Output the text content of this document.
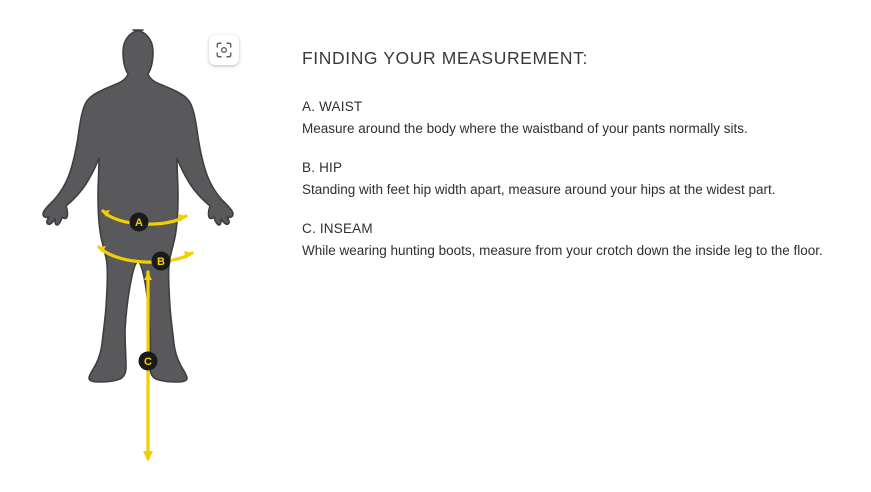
A
B
C
FINDING YOUR MEASUREMENT:

A. WAIST

Measure around the body where the waistband of your pants normally sits.

B. HIP

Standing with feet hip width apart, measure around your hips at the widest part.

C. INSEAM

While wearing hunting boots, measure from your crotch down the inside leg to the floor.
